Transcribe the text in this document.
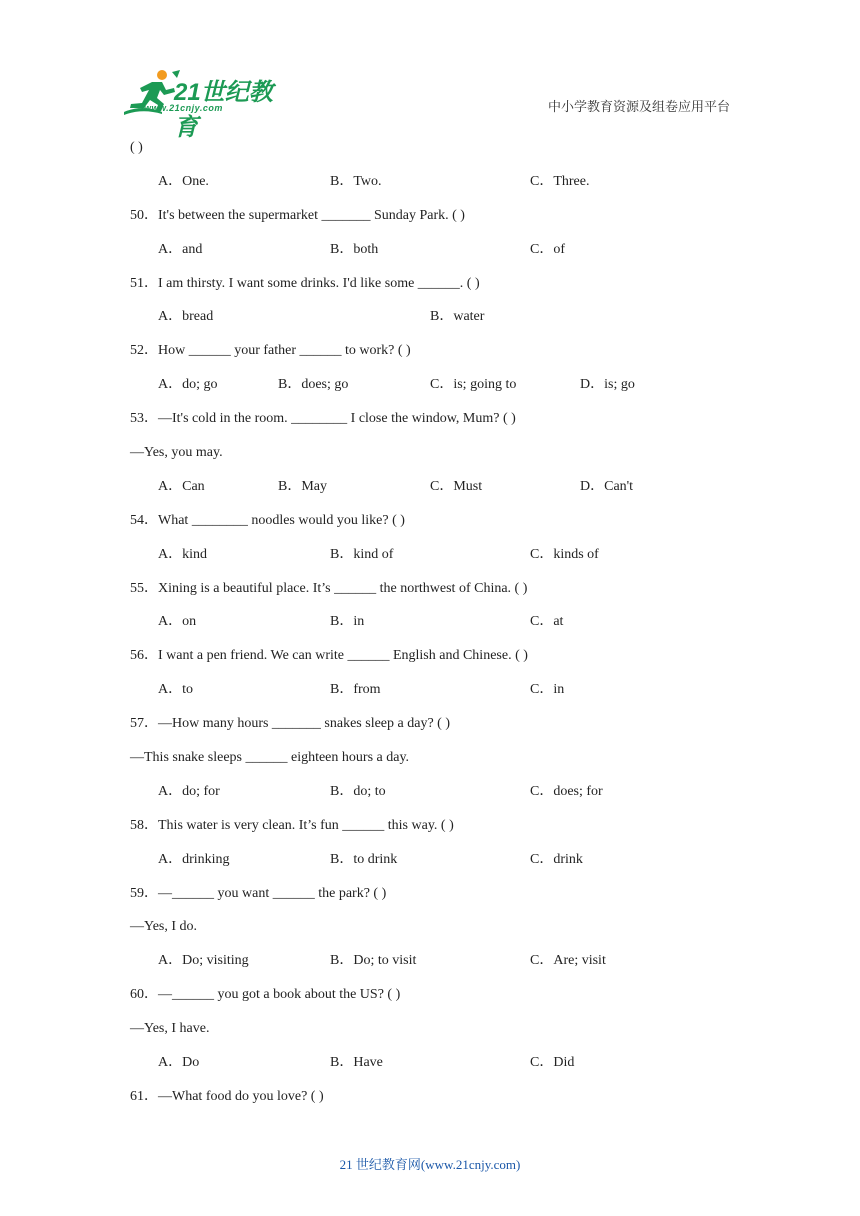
21世纪教育
www.21cnjy.com	中小学教育资源及组卷应用平台
( )
A．One.	B．Two.	C．Three.
50．It's between the supermarket _______ Sunday Park. ( )
A．and	B．both	C．of
51．I am thirsty. I want some drinks. I'd like some ______. ( )
A．bread	B．water
52．How ______ your father ______ to work? ( )
A．do; go	B．does; go	C．is; going to	D．is; go
53．—It's cold in the room. ________ I close the window, Mum? ( )
—Yes, you may.
A．Can	B．May	C．Must	D．Can't
54．What ________ noodles would you like? ( )
A．kind	B．kind of	C．kinds of
55．Xining is a beautiful place. It’s ______ the northwest of China. ( )
A．on	B．in	C．at
56．I want a pen friend. We can write ______ English and Chinese. ( )
A．to	B．from	C．in
57．—How many hours _______ snakes sleep a day? ( )
—This snake sleeps ______ eighteen hours a day.
A．do; for	B．do; to	C．does; for
58．This water is very clean. It’s fun ______ this way. ( )
A．drinking	B．to drink	C．drink
59．—______ you want ______ the park? ( )
—Yes, I do.
A．Do; visiting	B．Do; to visit	C．Are; visit
60．—______ you got a book about the US? ( )
—Yes, I have.
A．Do	B．Have	C．Did
61．—What food do you love? ( )
21 世纪教育网(www.21cnjy.com)
